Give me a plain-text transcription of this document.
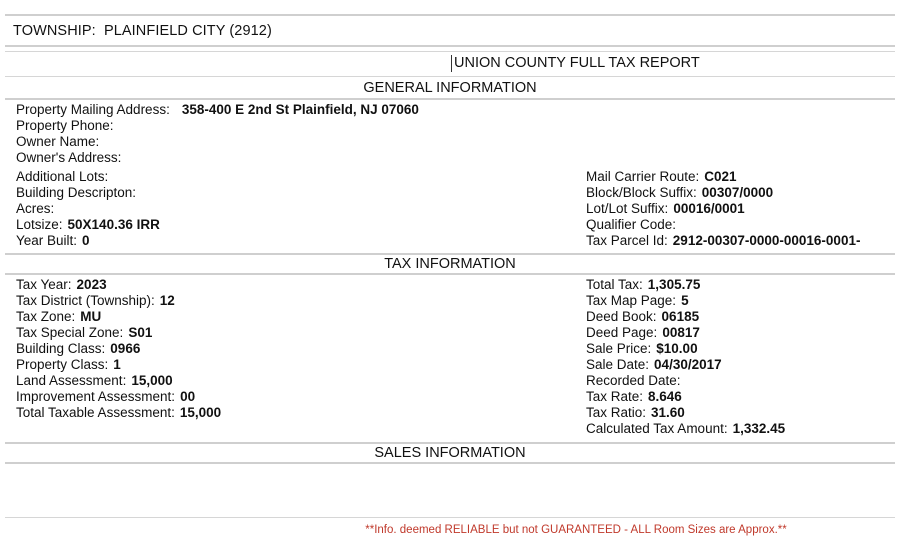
TOWNSHIP: PLAINFIELD CITY (2912)
UNION COUNTY FULL TAX REPORT
GENERAL INFORMATION
Property Mailing Address: 358-400 E 2nd St Plainfield, NJ 07060
Property Phone:
Owner Name:
Owner's Address:
Additional Lots:
Building Descripton:
Acres:
Lotsize: 50X140.36 IRR
Year Built: 0
Mail Carrier Route: C021
Block/Block Suffix: 00307/0000
Lot/Lot Suffix: 00016/0001
Qualifier Code:
Tax Parcel Id: 2912-00307-0000-00016-0001-
TAX INFORMATION
Tax Year: 2023
Tax District (Township): 12
Tax Zone: MU
Tax Special Zone: S01
Building Class: 0966
Property Class: 1
Land Assessment: 15,000
Improvement Assessment: 00
Total Taxable Assessment: 15,000
Total Tax: 1,305.75
Tax Map Page: 5
Deed Book: 06185
Deed Page: 00817
Sale Price: $10.00
Sale Date: 04/30/2017
Recorded Date:
Tax Rate: 8.646
Tax Ratio: 31.60
Calculated Tax Amount: 1,332.45
SALES INFORMATION
**Info. deemed RELIABLE but not GUARANTEED - ALL Room Sizes are Approx.**
